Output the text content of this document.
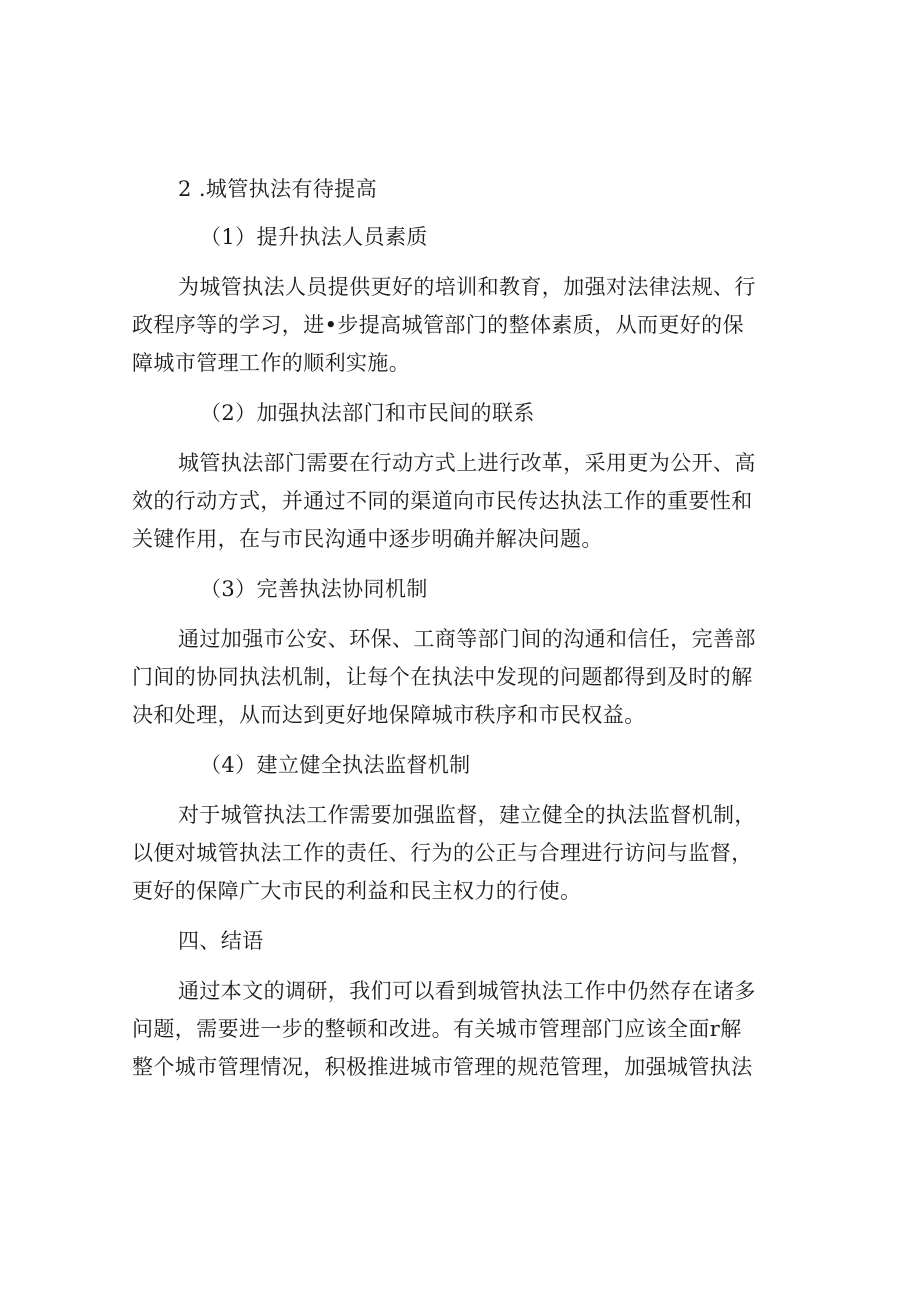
2 .城管执法有待提高
（1）提升执法人员素质
为城管执法人员提供更好的培训和教育，加强对法律法规、行
政程序等的学习，进•步提高城管部门的整体素质，从而更好的保
障城市管理工作的顺利实施。
（2）加强执法部门和市民间的联系
城管执法部门需要在行动方式上进行改革，采用更为公开、高
效的行动方式，并通过不同的渠道向市民传达执法工作的重要性和
关键作用，在与市民沟通中逐步明确并解决问题。
（3）完善执法协同机制
通过加强市公安、环保、工商等部门间的沟通和信任，完善部
门间的协同执法机制，让每个在执法中发现的问题都得到及时的解
决和处理，从而达到更好地保障城市秩序和市民权益。
（4）建立健全执法监督机制
对于城管执法工作需要加强监督，建立健全的执法监督机制，
以便对城管执法工作的责任、行为的公正与合理进行访问与监督，
更好的保障广大市民的利益和民主权力的行使。
四、结语
通过本文的调研，我们可以看到城管执法工作中仍然存在诸多
问题，需要进一步的整顿和改进。有关城市管理部门应该全面r解
整个城市管理情况，积极推进城市管理的规范管理，加强城管执法
